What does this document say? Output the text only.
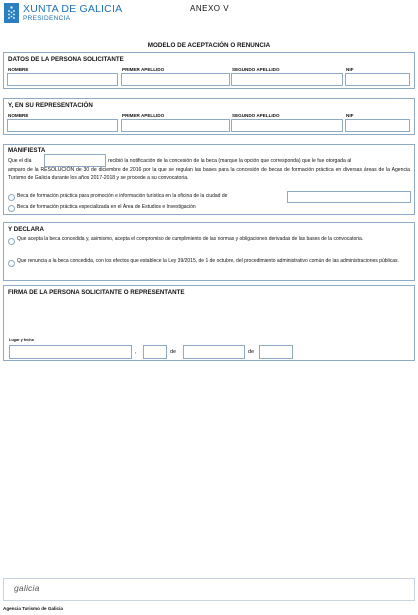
XUNTA DE GALICIA
PRESIDENCIA
ANEXO V
MODELO DE ACEPTACIÓN O RENUNCIA
DATOS DE LA PERSONA SOLICITANTE
NOMBRE	PRIMER APELLIDO	SEGUNDO APELLIDO	NIF
Y, EN SU REPRESENTACIÓN
NOMBRE	PRIMER APELLIDO	SEGUNDO APELLIDO	NIF
MANIFIESTA
Que el día	recibió la notificación de la concesión de la beca (marque la opción que corresponda) que le fue otorgada al
amparo de la RESOLUCIÓN de 30 de diciembre de 2016 por la que se regulan las bases para la concesión de becas de formación práctica en diversas áreas de la Agencia Turismo de Galicia durante los años 2017-2018 y se procede a su convocatoria.
Beca de formación práctica para promoción e información turística en la oficina de la ciudad de
Beca de formación práctica especializada en el Área de Estudios e Investigación
Y DECLARA
Que acepta la beca concedida y, asimismo, acepta el compromiso de cumplimiento de las normas y obligaciones derivadas de las bases de la convocatoria.
Que renuncia a la beca concedida, con los efectos que establece la Ley 39/2015, de 1 de octubre, del procedimiento administrativo común de las administraciones públicas.
FIRMA DE LA PERSONA SOLICITANTE O REPRESENTANTE
Lugar y fecha
,	de	de
galicia
Agencia Turismo de Galicia
